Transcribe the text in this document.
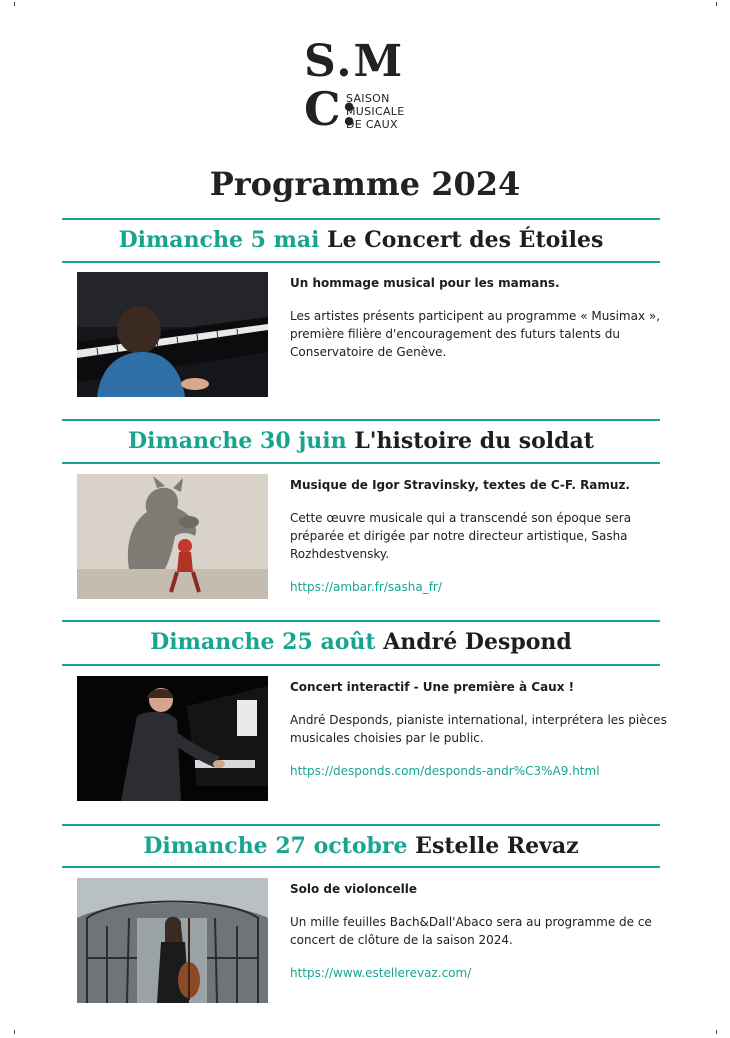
S.M
C:
SAISON
MUSICALE
DE CAUX
Programme 2024
Dimanche 5 mai Le Concert des Étoiles

Un hommage musical pour les mamans.

Les artistes présents participent au programme « Musimax », première filière d'encouragement des futurs talents du Conservatoire de Genève.

Dimanche 30 juin L'histoire du soldat

Musique de Igor Stravinsky, textes de C-F. Ramuz.

Cette œuvre musicale qui a transcendé son époque sera préparée et dirigée par notre directeur artistique, Sasha Rozhdestvensky.

https://ambar.fr/sasha_fr/
Dimanche 25 août André Despond

Concert interactif - Une première à Caux !

André Desponds, pianiste international, interprétera les pièces musicales choisies par le public.

https://desponds.com/desponds-andr%C3%A9.html
Dimanche 27 octobre Estelle Revaz

Solo de violoncelle

Un mille feuilles Bach&Dall'Abaco sera au programme de ce concert de clôture de la saison 2024.

https://www.estellerevaz.com/
